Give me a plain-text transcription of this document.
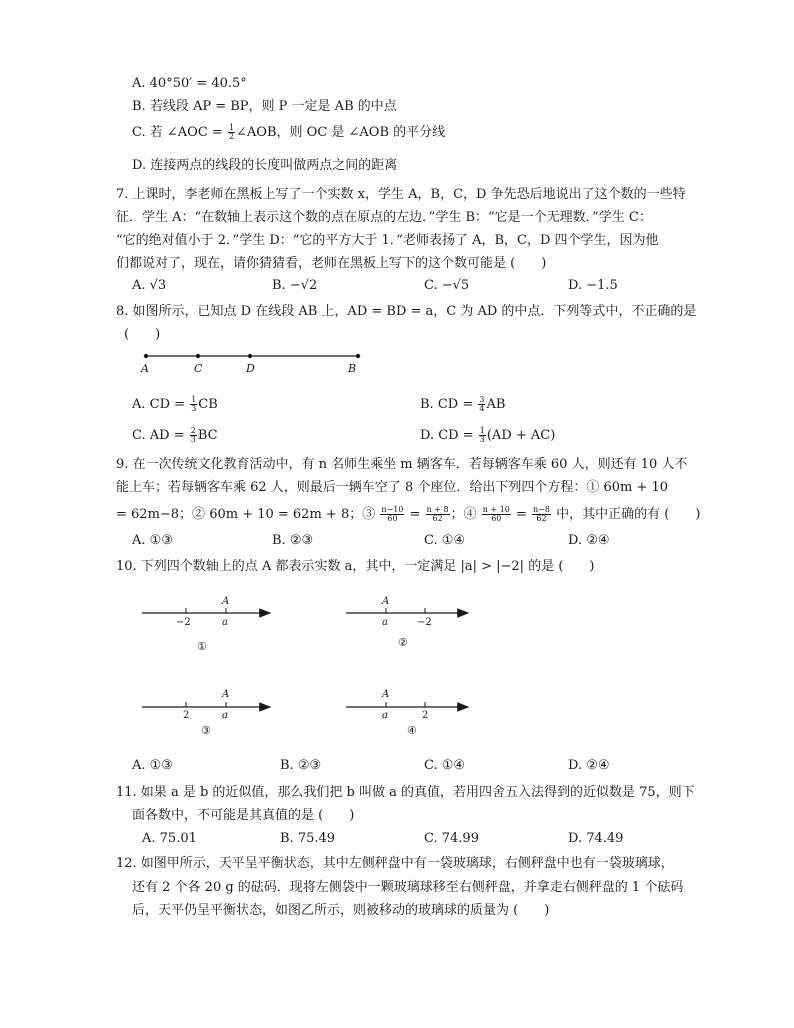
A. 40°50′ = 40.5°
B. 若线段 AP = BP，则 P 一定是 AB 的中点
C. 若 ∠AOC = $\frac{1}{2}$ ∠AOB，则 OC 是 ∠AOB 的平分线
D. 连接两点的线段的长度叫做两点之间的距离
7. 上课时，李老师在黑板上写了一个实数 x，学生 A，B，C，D 争先恐后地说出了这个数的一些特
征．学生 A：“在数轴上表示这个数的点在原点的左边．”学生 B：“它是一个无理数．”学生 C：
“它的绝对值小于 2．”学生 D：“它的平方大于 1．”老师表扬了 A，B，C，D 四个学生，因为他
们都说对了，现在，请你猜猜看，老师在黑板上写下的这个数可能是 (　　)
A. √3	B. −√2	C. −√5	D. −1.5
8. 如图所示，已知点 D 在线段 AB 上，AD = BD = a，C 为 AD 的中点．下列等式中，不正确的是
(　　)
A	C	D	B
A. CD = $\frac{1}{3}$ CB	B. CD = $\frac{3}{4}$ AB
C. AD = $\frac{2}{3}$ BC	D. CD = $\frac{1}{3} (AD + AC)$
9. 在一次传统文化教育活动中，有 n 名师生乘坐 m 辆客车．若每辆客车乘 60 人，则还有 10 人不
能上车；若每辆客车乘 62 人，则最后一辆车空了 8 个座位．给出下列四个方程：① 60m + 10
= 62m−8；② 60m + 10 = 62m + 8；③ $\frac{n-10}{60} = \frac{n + 8}{62}$ ；④ $\frac{n + 10}{60} = \frac{n-8}{62}$ 中，其中正确的有 (　　)
A. ①③	B. ②③	C. ①④	D. ②④
10. 下列四个数轴上的点 A 都表示实数 a，其中，一定满足 |a| > |−2| 的是 (　　)
A
−2	a
①
A
a	−2
②
A
2	a
③
A
a	2
④
A. ①③	B. ②③	C. ①④	D. ②④
11. 如果 a 是 b 的近似值，那么我们把 b 叫做 a 的真值，若用四舍五入法得到的近似数是 75，则下
面各数中，不可能是其真值的是 (　　)
A. 75.01	B. 75.49	C. 74.99	D. 74.49
12. 如图甲所示，天平呈平衡状态，其中左侧秤盘中有一袋玻璃球，右侧秤盘中也有一袋玻璃球，
还有 2 个各 20 g 的砝码．现将左侧袋中一颗玻璃球移至右侧秤盘，并拿走右侧秤盘的 1 个砝码
后，天平仍呈平衡状态，如图乙所示，则被移动的玻璃球的质量为 (　　)
